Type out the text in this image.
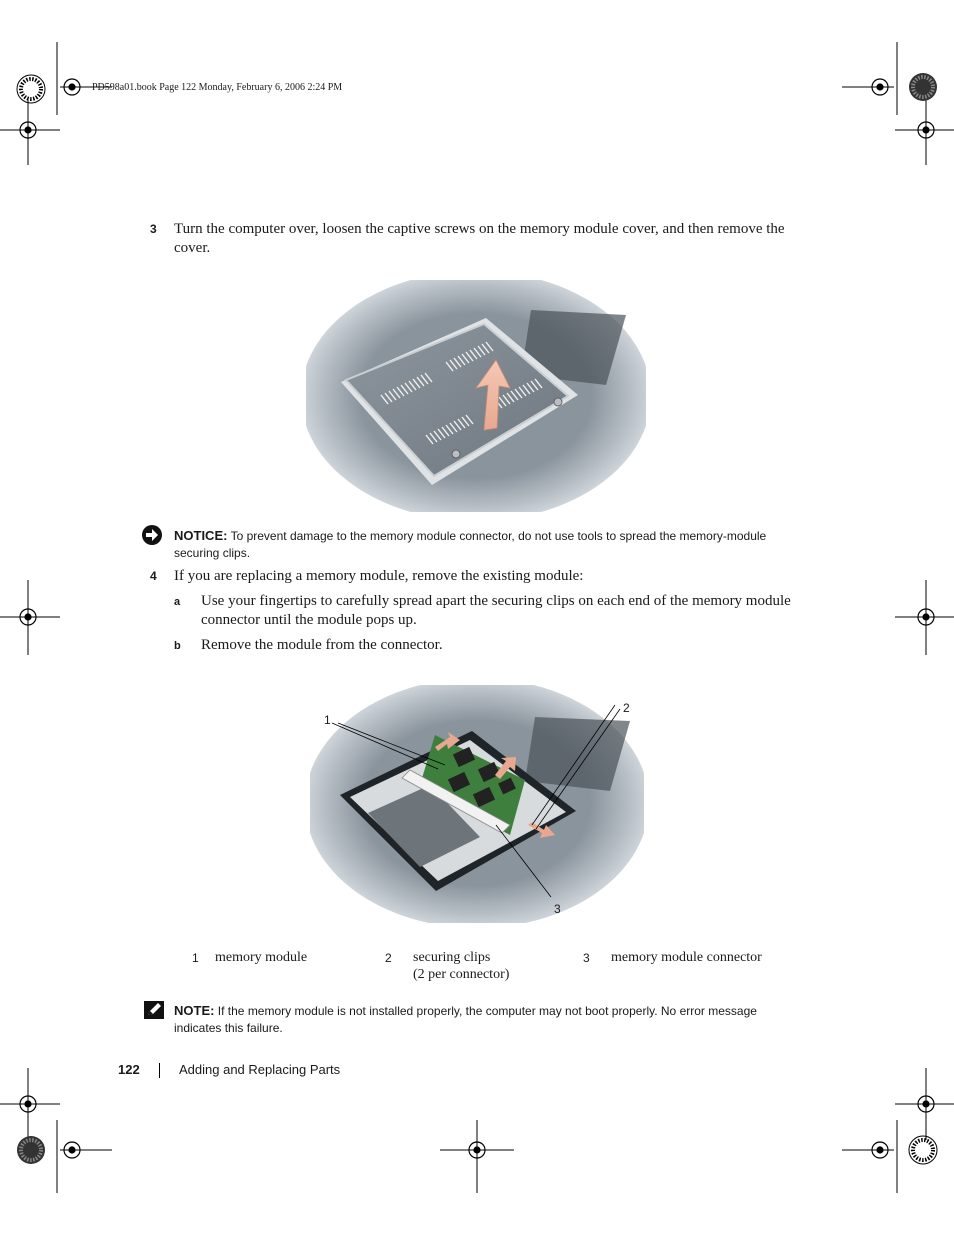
PD598a01.book Page 122 Monday, February 6, 2006 2:24 PM
3 Turn the computer over, loosen the captive screws on the memory module cover, and then remove the
cover.
NOTICE: To prevent damage to the memory module connector, do not use tools to spread the memory-module
securing clips.
4 If you are replacing a memory module, remove the existing module:
a Use your fingertips to carefully spread apart the securing clips on each end of the memory module
connector until the module pops up.
b Remove the module from the connector.
1
2
3
1 memory module	2 securing clips
(2 per connector)
3 memory module connector
NOTE: If the memory module is not installed properly, the computer may not boot properly. No error message
indicates this failure.
122	Adding and Replacing Parts
